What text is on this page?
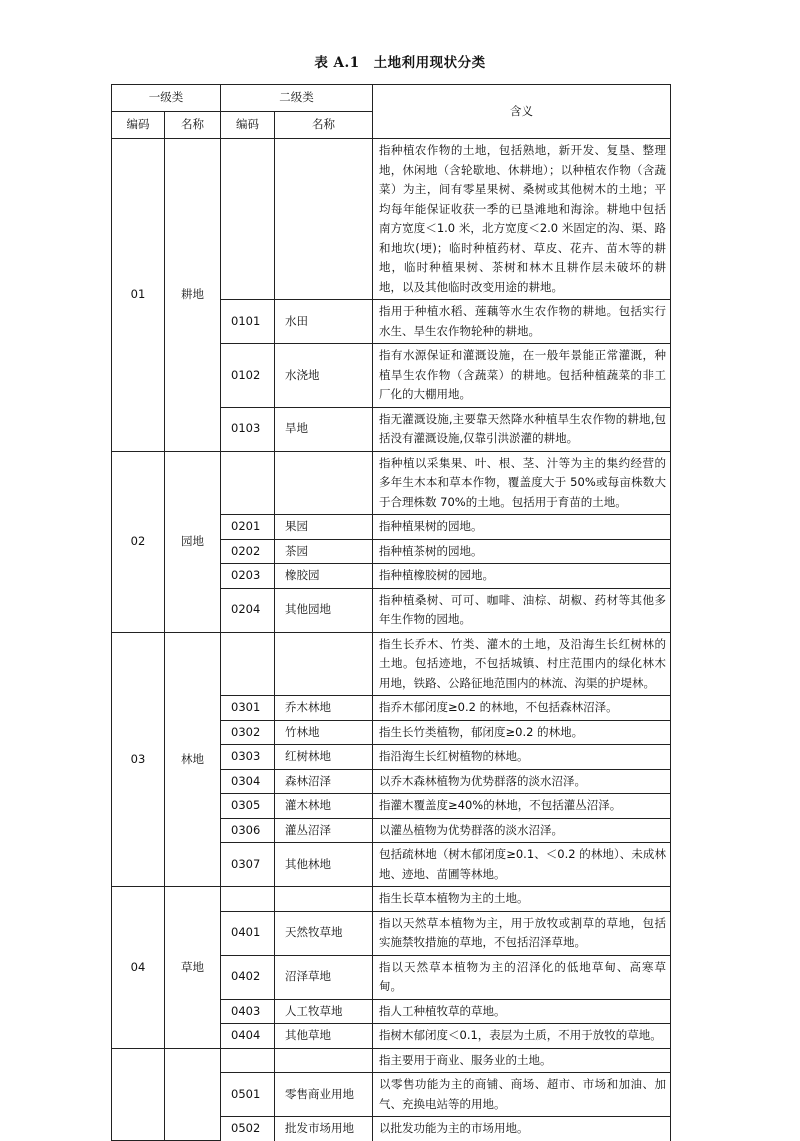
表 A.1　土地利用现状分类
一级类		二级类		含义
编码	名称	编码	名称	
01	耕地			指种植农作物的土地，包括熟地，新开发、复垦、整理地，休闲地（含轮歇地、休耕地）；以种植农作物（含蔬菜）为主，间有零星果树、桑树或其他树木的土地；平均每年能保证收获一季的已垦滩地和海涂。耕地中包括南方宽度＜1.0 米，北方宽度＜2.0 米固定的沟、渠、路和地坎(埂)；临时种植药材、草皮、花卉、苗木等的耕地，临时种植果树、茶树和林木且耕作层未破坏的耕地，以及其他临时改变用途的耕地。
		0101	水田	指用于种植水稻、莲藕等水生农作物的耕地。包括实行水生、旱生农作物轮种的耕地。
		0102	水浇地	指有水源保证和灌溉设施，在一般年景能正常灌溉，种植旱生农作物（含蔬菜）的耕地。包括种植蔬菜的非工厂化的大棚用地。
		0103	旱地	指无灌溉设施,主要靠天然降水种植旱生农作物的耕地,包括没有灌溉设施,仅靠引洪淤灌的耕地。
02	园地			指种植以采集果、叶、根、茎、汁等为主的集约经营的多年生木本和草本作物，覆盖度大于 50%或每亩株数大于合理株数 70%的土地。包括用于育苗的土地。
		0201	果园	指种植果树的园地。
		0202	茶园	指种植茶树的园地。
		0203	橡胶园	指种植橡胶树的园地。
		0204	其他园地	指种植桑树、可可、咖啡、油棕、胡椒、药材等其他多年生作物的园地。
03	林地			指生长乔木、竹类、灌木的土地，及沿海生长红树林的土地。包括迹地，不包括城镇、村庄范围内的绿化林木用地，铁路、公路征地范围内的林流、沟渠的护堤林。
		0301	乔木林地	指乔木郁闭度≥0.2 的林地，不包括森林沼泽。
		0302	竹林地	指生长竹类植物，郁闭度≥0.2 的林地。
		0303	红树林地	指沿海生长红树植物的林地。
		0304	森林沼泽	以乔木森林植物为优势群落的淡水沼泽。
		0305	灌木林地	指灌木覆盖度≥40%的林地，不包括灌丛沼泽。
		0306	灌丛沼泽	以灌丛植物为优势群落的淡水沼泽。
		0307	其他林地	包括疏林地（树木郁闭度≥0.1、＜0.2 的林地）、未成林地、迹地、苗圃等林地。
04	草地			指生长草本植物为主的土地。
		0401	天然牧草地	指以天然草本植物为主，用于放牧或割草的草地，包括实施禁牧措施的草地，不包括沼泽草地。
		0402	沼泽草地	指以天然草本植物为主的沼泽化的低地草甸、高寒草甸。
		0403	人工牧草地	指人工种植牧草的草地。
		0404	其他草地	指树木郁闭度＜0.1，表层为土质，不用于放牧的草地。
				指主要用于商业、服务业的土地。
		0501	零售商业用地	以零售功能为主的商铺、商场、超市、市场和加油、加气、充换电站等的用地。
		0502	批发市场用地	以批发功能为主的市场用地。
